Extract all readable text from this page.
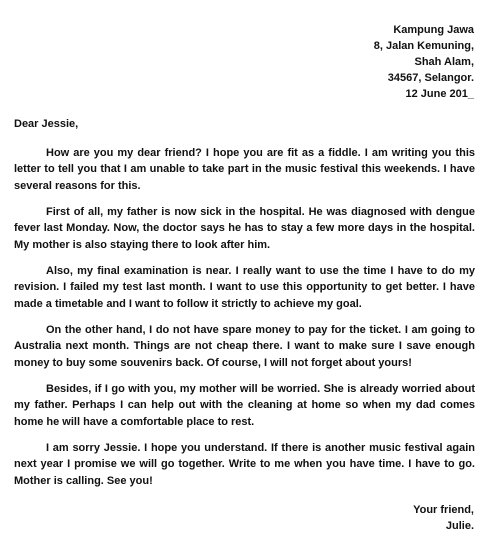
Kampung Jawa
8, Jalan Kemuning,
Shah Alam,
34567, Selangor.
12 June 201_
Dear Jessie,

How are you my dear friend? I hope you are fit as a fiddle. I am writing you this letter to tell you that I am unable to take part in the music festival this weekends. I have several reasons for this.

First of all, my father is now sick in the hospital. He was diagnosed with dengue fever last Monday. Now, the doctor says he has to stay a few more days in the hospital. My mother is also staying there to look after him.

Also, my final examination is near. I really want to use the time I have to do my revision. I failed my test last month. I want to use this opportunity to get better. I have made a timetable and I want to follow it strictly to achieve my goal.

On the other hand, I do not have spare money to pay for the ticket. I am going to Australia next month. Things are not cheap there. I want to make sure I save enough money to buy some souvenirs back. Of course, I will not forget about yours!

Besides, if I go with you, my mother will be worried. She is already worried about my father. Perhaps I can help out with the cleaning at home so when my dad comes home he will have a comfortable place to rest.

I am sorry Jessie. I hope you understand. If there is another music festival again next year I promise we will go together. Write to me when you have time. I have to go. Mother is calling. See you!

Your friend,
Julie.
